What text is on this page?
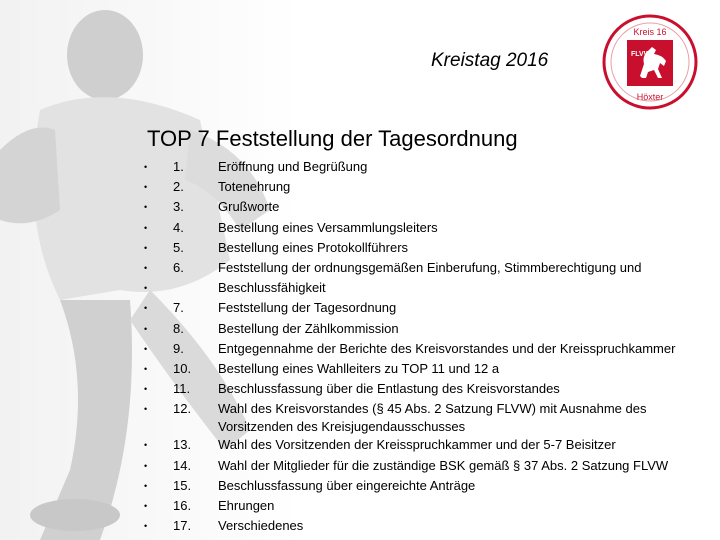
Kreistag 2016
Kreis 16
Höxter
FLVW
TOP 7 Feststellung der Tagesordnung
• 1.	Eröffnung und Begrüßung
• 2.	Totenehrung
• 3.	Grußworte
• 4.	Bestellung eines Versammlungsleiters
• 5.	Bestellung eines Protokollführers
• 6.	Feststellung der ordnungsgemäßen Einberufung, Stimmberechtigung und
•	Beschlussfähigkeit
• 7.	Feststellung der Tagesordnung
• 8.	Bestellung der Zählkommission
• 9.	Entgegennahme der Berichte des Kreisvorstandes und der Kreisspruchkammer
• 10. Bestellung eines Wahlleiters zu TOP 11 und 12 a
• 11. Beschlussfassung über die Entlastung des Kreisvorstandes
• 12. Wahl des Kreisvorstandes (§ 45 Abs. 2 Satzung FLVW) mit Ausnahme des Vorsitzenden des Kreisjugendausschusses
• 13. Wahl des Vorsitzenden der Kreisspruchkammer und der 5-7 Beisitzer
• 14. Wahl der Mitglieder für die zuständige BSK gemäß § 37 Abs. 2 Satzung FLVW
• 15. Beschlussfassung über eingereichte Anträge
• 16. Ehrungen
• 17. Verschiedenes
